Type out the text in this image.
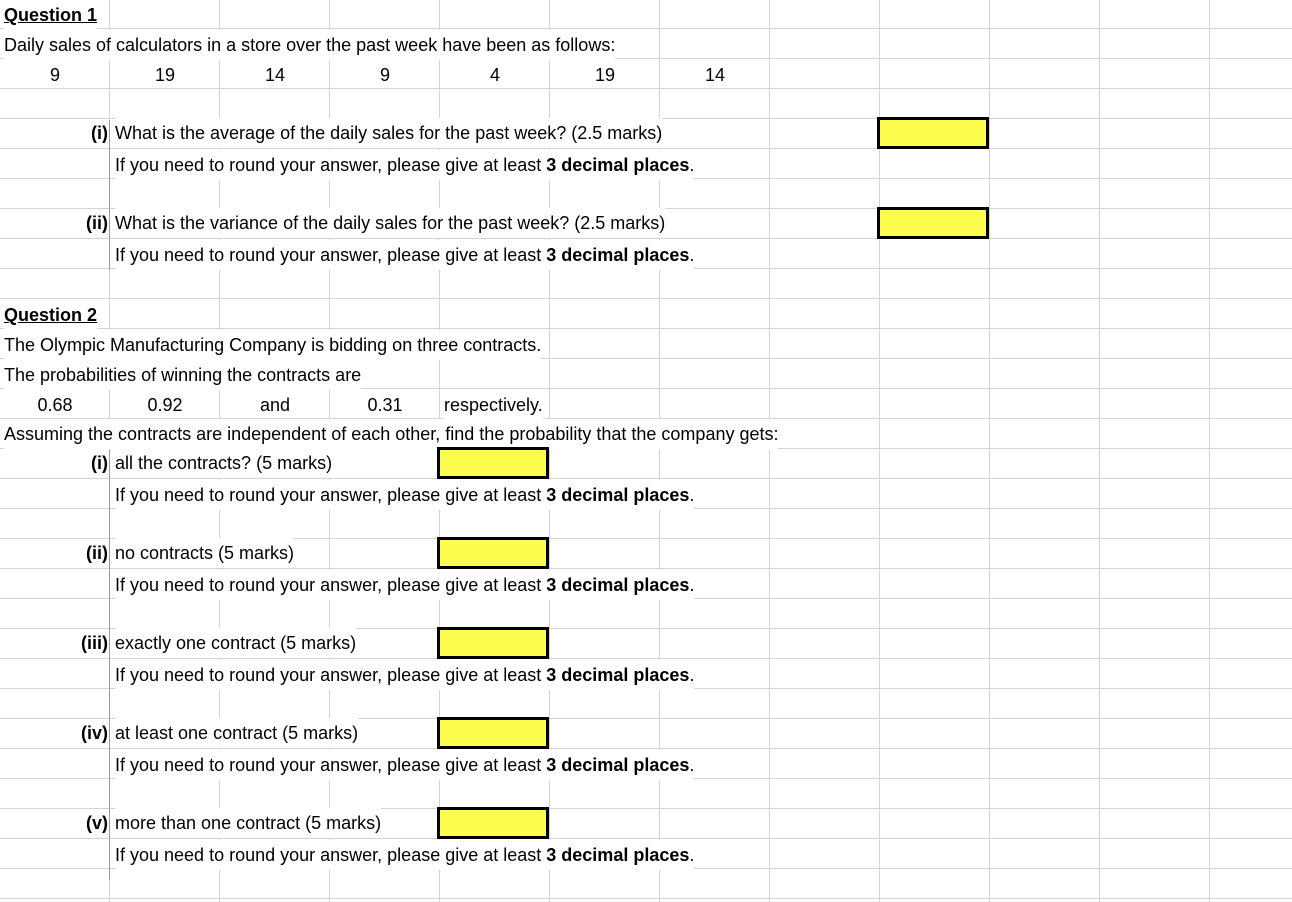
Question 1
Daily sales of calculators in a store over the past week have been as follows:
9	19	14	9	4	19	14
(i) What is the average of the daily sales for the past week? (2.5 marks)
If you need to round your answer, please give at least 3 decimal places.
(ii) What is the variance of the daily sales for the past week? (2.5 marks)
If you need to round your answer, please give at least 3 decimal places.
Question 2
The Olympic Manufacturing Company is bidding on three contracts.
The probabilities of winning the contracts are
0.68	0.92	and	0.31	respectively.
Assuming the contracts are independent of each other, find the probability that the company gets:
(i) all the contracts? (5 marks)
If you need to round your answer, please give at least 3 decimal places.
(ii) no contracts (5 marks)
If you need to round your answer, please give at least 3 decimal places.
(iii) exactly one contract (5 marks)
If you need to round your answer, please give at least 3 decimal places.
(iv) at least one contract (5 marks)
If you need to round your answer, please give at least 3 decimal places.
(v) more than one contract (5 marks)
If you need to round your answer, please give at least 3 decimal places.
